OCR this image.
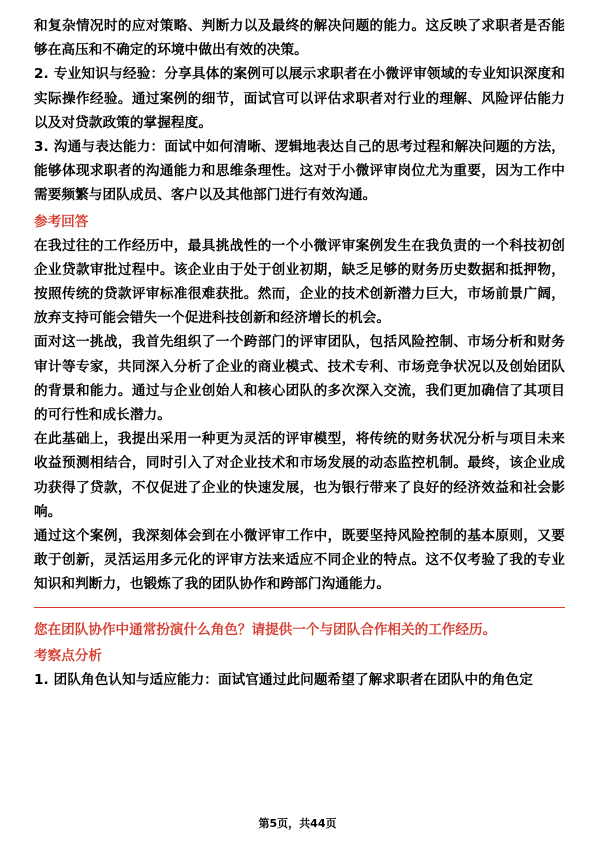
和复杂情况时的应对策略、判断力以及最终的解决问题的能力。这反映了求职者是否能够在高压和不确定的环境中做出有效的决策。

2. 专业知识与经验：分享具体的案例可以展示求职者在小微评审领域的专业知识深度和实际操作经验。通过案例的细节，面试官可以评估求职者对行业的理解、风险评估能力以及对贷款政策的掌握程度。

3. 沟通与表达能力：面试中如何清晰、逻辑地表达自己的思考过程和解决问题的方法，能够体现求职者的沟通能力和思维条理性。这对于小微评审岗位尤为重要，因为工作中需要频繁与团队成员、客户以及其他部门进行有效沟通。

参考回答

在我过往的工作经历中，最具挑战性的一个小微评审案例发生在我负责的一个科技初创企业贷款审批过程中。该企业由于处于创业初期，缺乏足够的财务历史数据和抵押物，按照传统的贷款评审标准很难获批。然而，企业的技术创新潜力巨大，市场前景广阔，放弃支持可能会错失一个促进科技创新和经济增长的机会。

面对这一挑战，我首先组织了一个跨部门的评审团队，包括风险控制、市场分析和财务审计等专家，共同深入分析了企业的商业模式、技术专利、市场竞争状况以及创始团队的背景和能力。通过与企业创始人和核心团队的多次深入交流，我们更加确信了其项目的可行性和成长潜力。

在此基础上，我提出采用一种更为灵活的评审模型，将传统的财务状况分析与项目未来收益预测相结合，同时引入了对企业技术和市场发展的动态监控机制。最终，该企业成功获得了贷款，不仅促进了企业的快速发展，也为银行带来了良好的经济效益和社会影响。

通过这个案例，我深刻体会到在小微评审工作中，既要坚持风险控制的基本原则，又要敢于创新，灵活运用多元化的评审方法来适应不同企业的特点。这不仅考验了我的专业知识和判断力，也锻炼了我的团队协作和跨部门沟通能力。

您在团队协作中通常扮演什么角色？请提供一个与团队合作相关的工作经历。
考察点分析

1. 团队角色认知与适应能力：面试官通过此问题希望了解求职者在团队中的角色定

第5页，共44页
